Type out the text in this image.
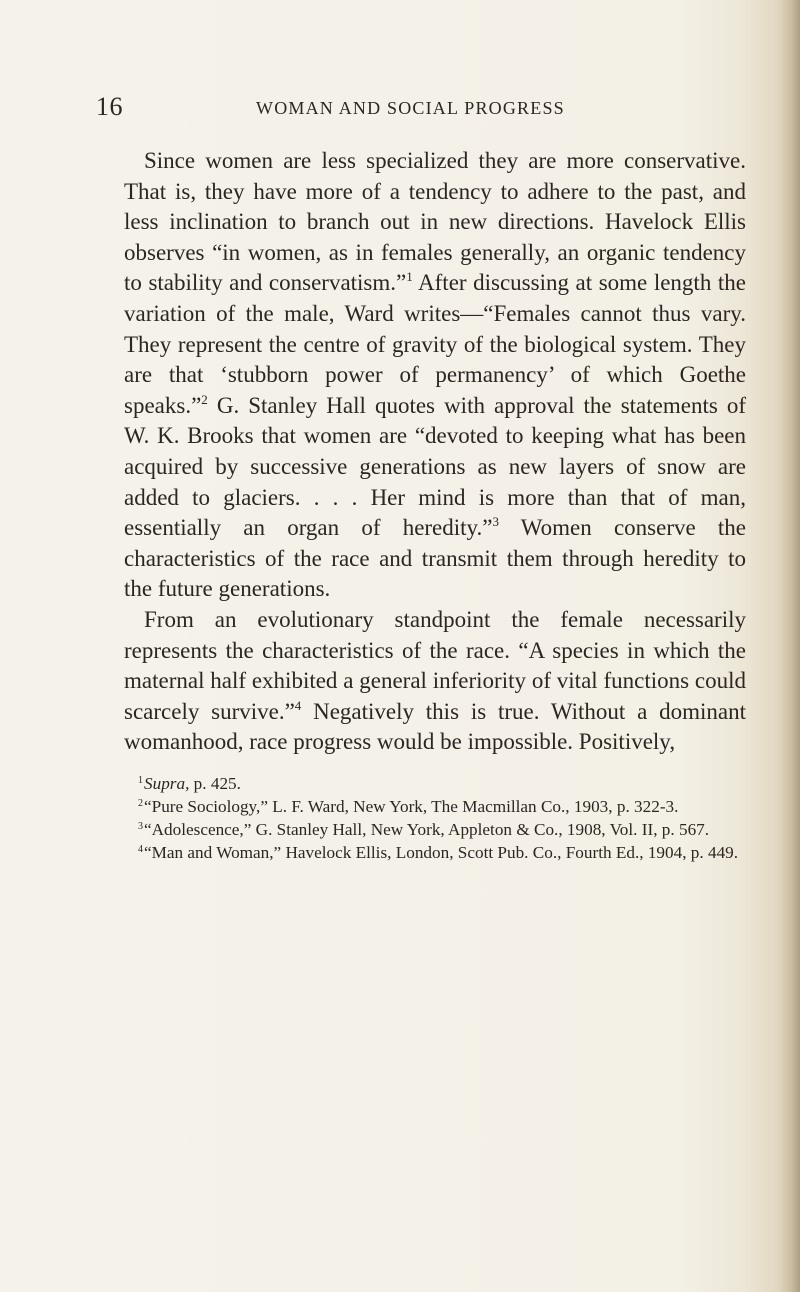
16	WOMAN AND SOCIAL PROGRESS

Since women are less specialized they are more conservative. That is, they have more of a tendency to adhere to the past, and less inclination to branch out in new directions. Havelock Ellis observes “in women, as in females generally, an organic tendency to stability and conservatism.”$^1$ After discussing at some length the variation of the male, Ward writes—“Females cannot thus vary. They represent the centre of gravity of the biological system. They are that ‘stubborn power of permanency’ of which Goethe speaks.”$^2$ G. Stanley Hall quotes with approval the statements of W. K. Brooks that women are “devoted to keeping what has been acquired by successive generations as new layers of snow are added to glaciers. . . . Her mind is more than that of man, essentially an organ of heredity.”$^3$ Women conserve the characteristics of the race and transmit them through heredity to the future generations.

From an evolutionary standpoint the female necessarily represents the characteristics of the race. “A species in which the maternal half exhibited a general inferiority of vital functions could scarcely survive.”$^4$ Negatively this is true. Without a dominant womanhood, race progress would be impossible. Positively,

$^1$Supra, p. 425.

$^2$“Pure Sociology,” L. F. Ward, New York, The Macmillan Co., 1903, p. 322-3.

$^3$“Adolescence,” G. Stanley Hall, New York, Appleton & Co., 1908, Vol. II, p. 567.

$^4$“Man and Woman,” Havelock Ellis, London, Scott Pub. Co., Fourth Ed., 1904, p. 449.
